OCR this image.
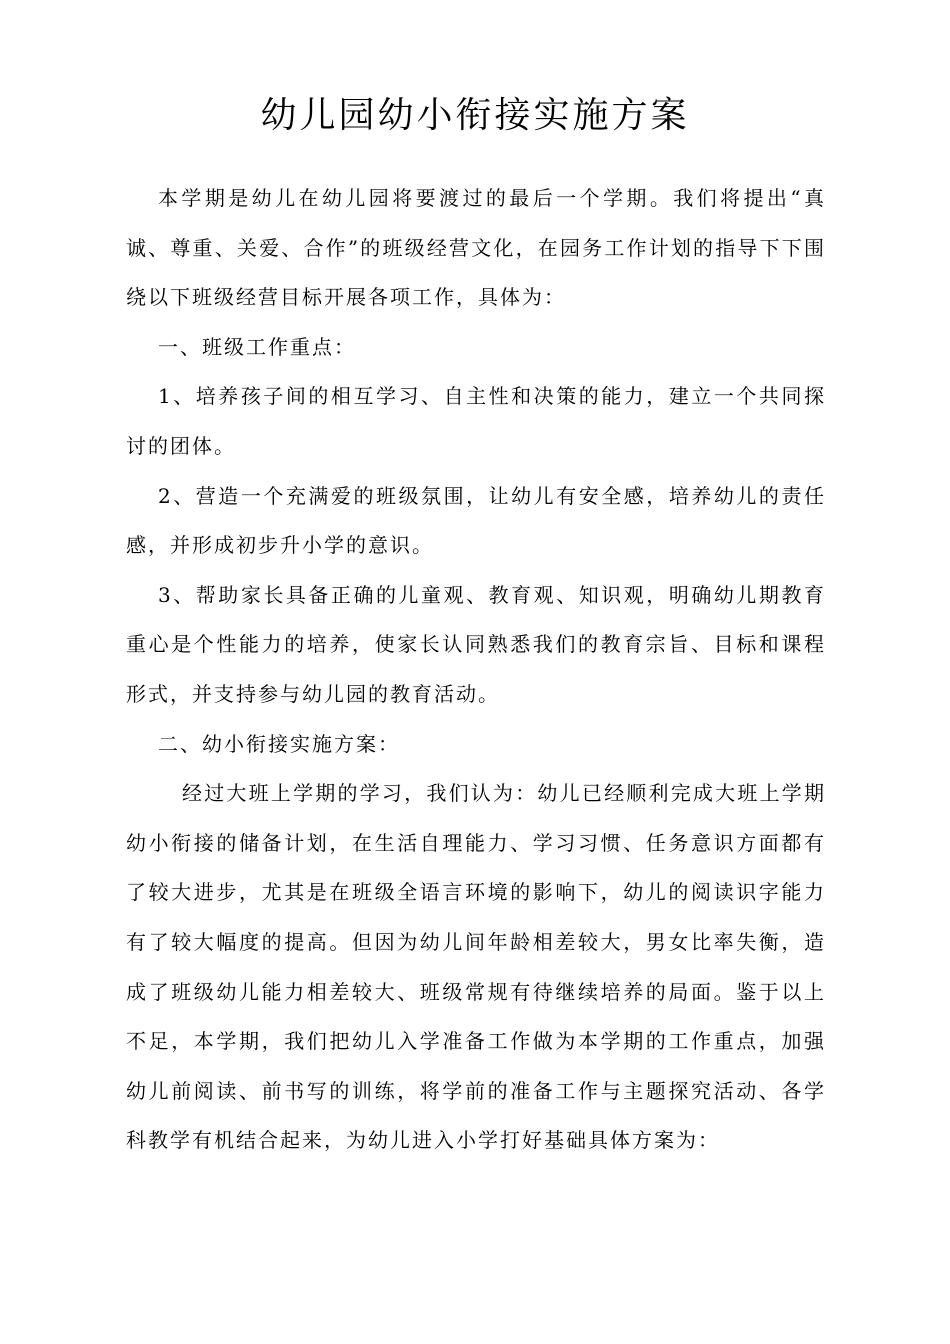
幼儿园幼小衔接实施方案

本学期是幼儿在幼儿园将要渡过的最后一个学期。我们将提出“真诚、尊重、关爱、合作”的班级经营文化，在园务工作计划的指导下下围绕以下班级经营目标开展各项工作，具体为：

一、班级工作重点：

1、培养孩子间的相互学习、自主性和决策的能力，建立一个共同探讨的团体。

2、营造一个充满爱的班级氛围，让幼儿有安全感，培养幼儿的责任感，并形成初步升小学的意识。

3、帮助家长具备正确的儿童观、教育观、知识观，明确幼儿期教育重心是个性能力的培养，使家长认同熟悉我们的教育宗旨、目标和课程形式，并支持参与幼儿园的教育活动。

二、幼小衔接实施方案：

经过大班上学期的学习，我们认为：幼儿已经顺利完成大班上学期幼小衔接的储备计划，在生活自理能力、学习习惯、任务意识方面都有了较大进步，尤其是在班级全语言环境的影响下，幼儿的阅读识字能力有了较大幅度的提高。但因为幼儿间年龄相差较大，男女比率失衡，造成了班级幼儿能力相差较大、班级常规有待继续培养的局面。鉴于以上不足，本学期，我们把幼儿入学准备工作做为本学期的工作重点，加强幼儿前阅读、前书写的训练，将学前的准备工作与主题探究活动、各学科教学有机结合起来，为幼儿进入小学打好基础具体方案为：
